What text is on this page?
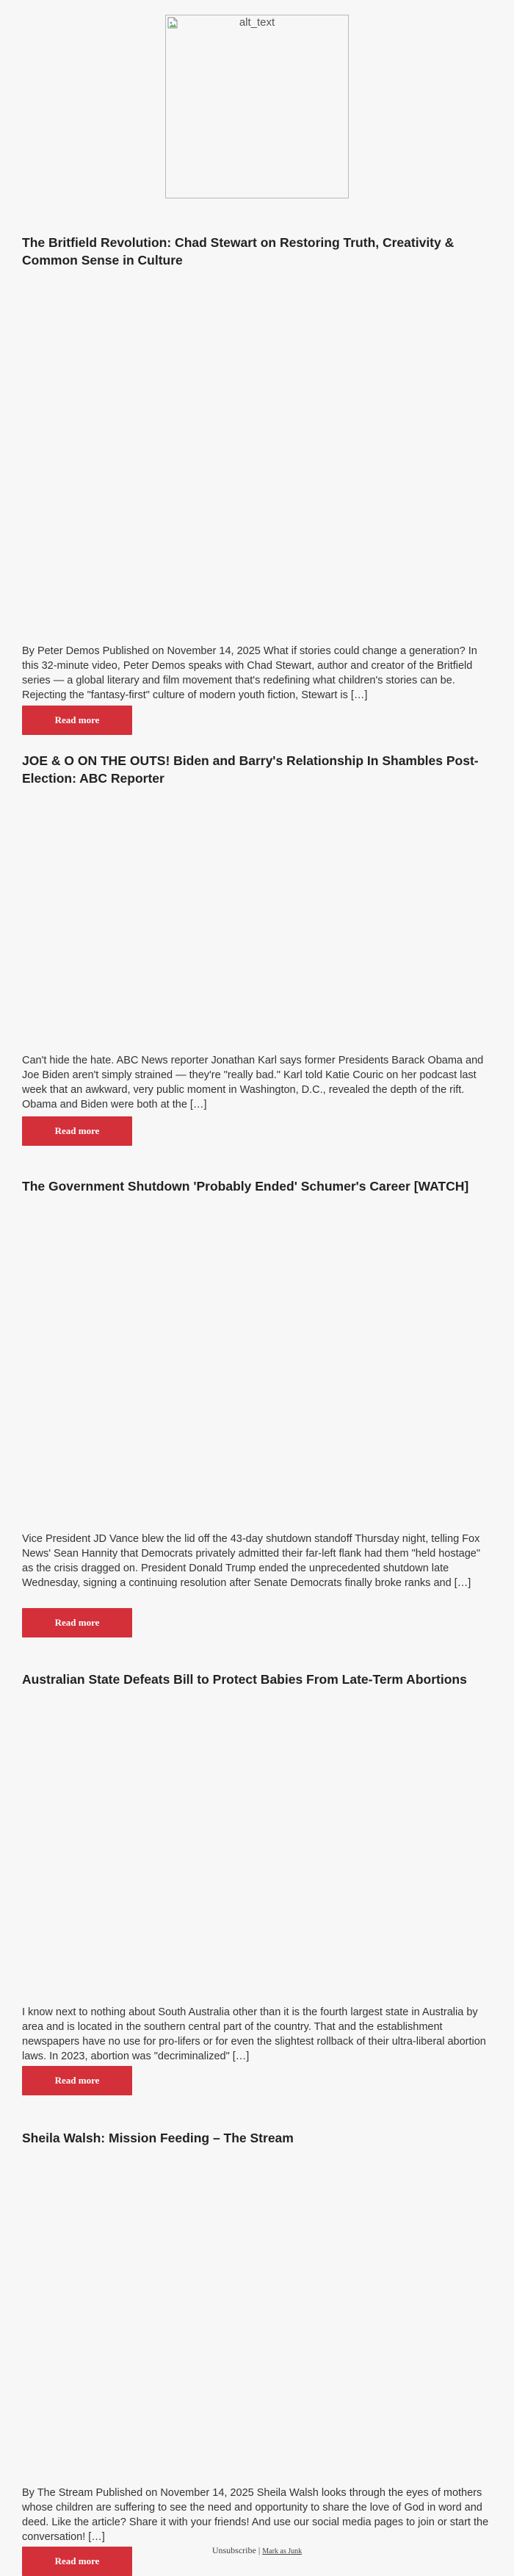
alt_text
The Britfield Revolution: Chad Stewart on Restoring Truth, Creativity & Common Sense in Culture

By Peter Demos Published on November 14, 2025 What if stories could change a generation? In this 32-minute video, Peter Demos speaks with Chad Stewart, author and creator of the Britfield series — a global literary and film movement that's redefining what children's stories can be. Rejecting the "fantasy-first" culture of modern youth fiction, Stewart is […]

Read more
JOE & O ON THE OUTS! Biden and Barry's Relationship In Shambles Post-Election: ABC Reporter

Can't hide the hate. ABC News reporter Jonathan Karl says former Presidents Barack Obama and Joe Biden aren't simply strained — they're "really bad." Karl told Katie Couric on her podcast last week that an awkward, very public moment in Washington, D.C., revealed the depth of the rift. Obama and Biden were both at the […]

Read more
The Government Shutdown 'Probably Ended' Schumer's Career [WATCH]

Vice President JD Vance blew the lid off the 43-day shutdown standoff Thursday night, telling Fox News' Sean Hannity that Democrats privately admitted their far-left flank had them "held hostage" as the crisis dragged on. President Donald Trump ended the unprecedented shutdown late Wednesday, signing a continuing resolution after Senate Democrats finally broke ranks and […]

Read more
Australian State Defeats Bill to Protect Babies From Late-Term Abortions

I know next to nothing about South Australia other than it is the fourth largest state in Australia by area and is located in the southern central part of the country. That and the establishment newspapers have no use for pro-lifers or for even the slightest rollback of their ultra-liberal abortion laws. In 2023, abortion was "decriminalized" […]

Read more
Sheila Walsh: Mission Feeding – The Stream

By The Stream Published on November 14, 2025 Sheila Walsh looks through the eyes of mothers whose children are suffering to see the need and opportunity to share the love of God in word and deed. Like the article? Share it with your friends! And use our social media pages to join or start the conversation! […]

Read more
Unsubscribe | Mark as Junk
